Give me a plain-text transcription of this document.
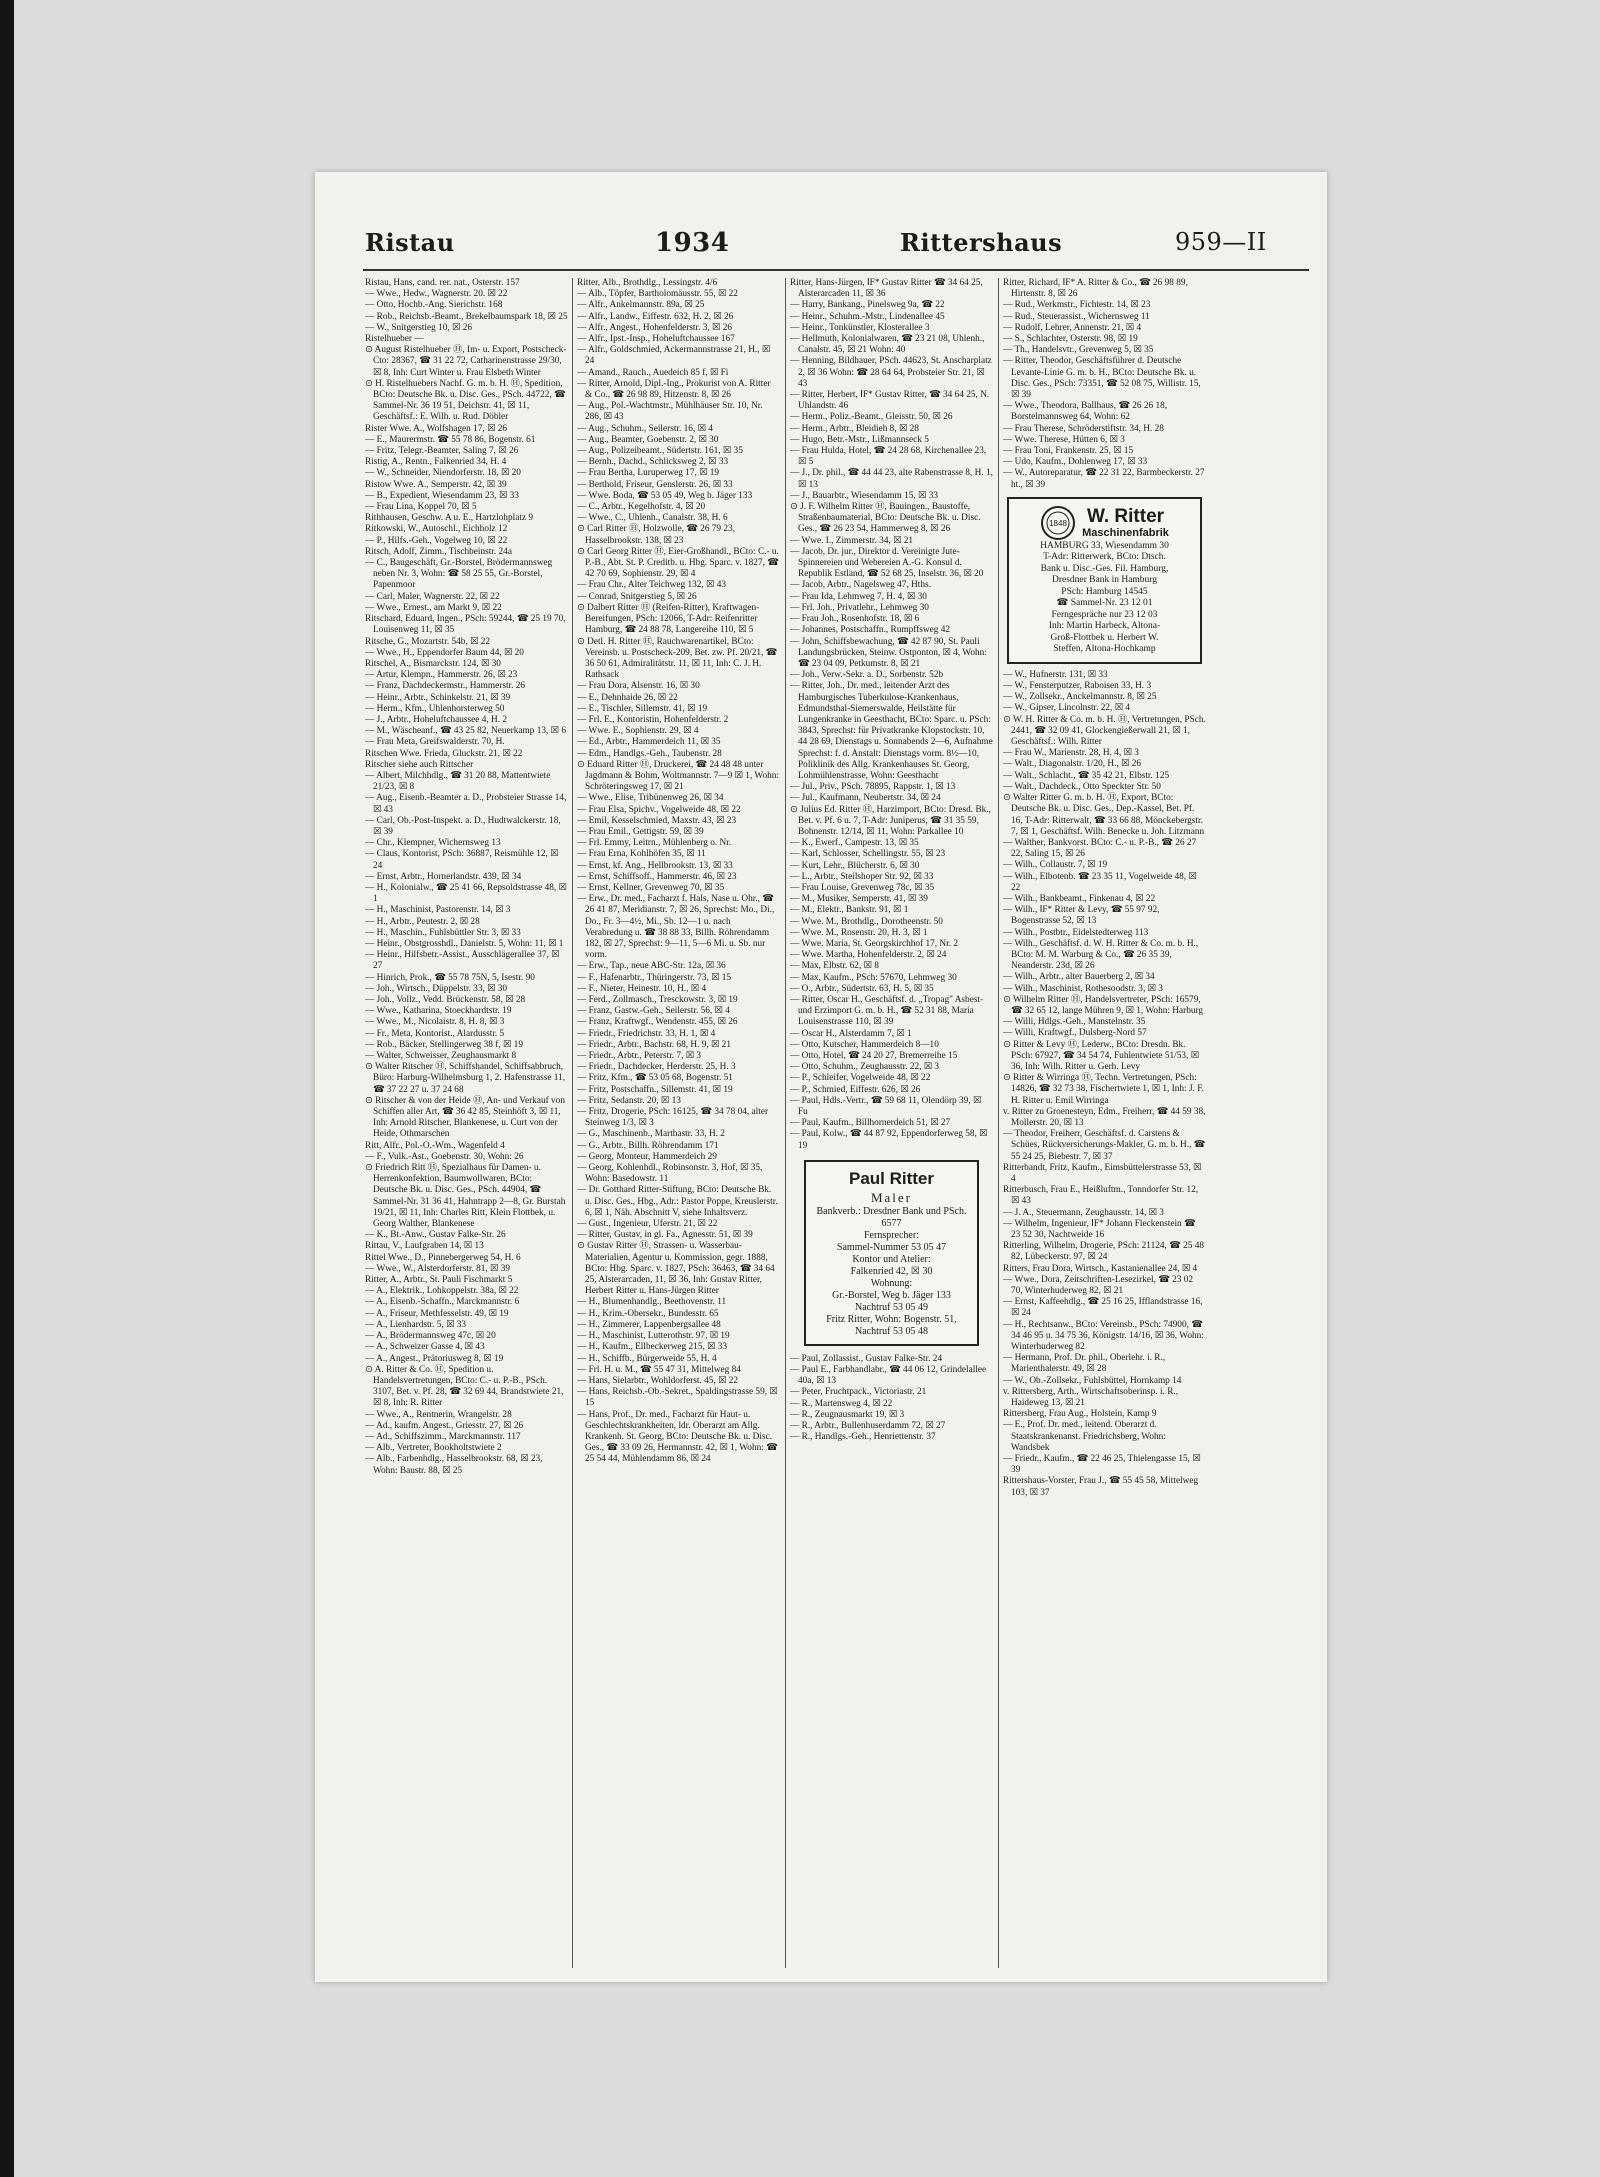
Ristau	1934	Rittershaus	959—II

Ristau, Hans, cand. rer. nat., Osterstr. 157

— Wwe., Hedw., Wagnerstr. 20. ☒ 22

— Otto, Hochb.-Ang. Sierichstr. 168

— Rob., Reichsb.-Beamt., Brekelbaumspark 18, ☒ 25

— W., Snitgerstieg 10, ☒ 26

Ristelhueber —

⊙ August Ristelhueber Ⓗ, Im- u. Export, Postscheck-Cto: 28367, ☎ 31 22 72, Catharinenstrasse 29/30, ☒ 8, Inh: Curt Winter u. Frau Elsbeth Winter

⊙ H. Ristelhuebers Nachf. G. m. b. H. Ⓗ, Spedition, BCto: Deutsche Bk. u. Disc. Ges., PSch. 44722, ☎ Sammel-Nr. 36 19 51, Deichstr. 41, ☒ 11, Geschäftsf.: E. Wilh. u. Rud. Döbler

Rister Wwe. A., Wolfshagen 17, ☒ 26

— E., Maurermstr. ☎ 55 78 86, Bogenstr. 61

— Fritz, Telegr.-Beamter, Saling 7, ☒ 26

Ristig, A., Rentn., Falkenried 34, H. 4

— W., Schneider, Niendorferstr. 18, ☒ 20

Ristow Wwe. A., Semperstr. 42, ☒ 39

— B., Expedient, Wiesendamm 23, ☒ 33

— Frau Lina, Koppel 70, ☒ 5

Rithhausen, Geschw. A u. E., Hartzlohplatz 9

Ritkowski, W., Autoschl., Eichholz 12

— P., Hilfs.-Geh., Vogelweg 10, ☒ 22

Ritsch, Adolf, Zimm., Tischbeinstr. 24a

— C., Baugeschäft, Gr.-Borstel, Brödermannsweg neben Nr. 3, Wohn: ☎ 58 25 55, Gr.-Borstel, Papenmoor

— Carl, Maler, Wagnerstr. 22, ☒ 22

— Wwe., Ernest., am Markt 9, ☒ 22

Ritschard, Eduard, Ingen., PSch: 59244, ☎ 25 19 70, Louisenweg 11, ☒ 35

Ritsche, G., Mozartstr. 54b, ☒ 22

— Wwe., H., Eppendorfer Baum 44, ☒ 20

Ritschel, A., Bismarckstr. 124, ☒ 30

— Artur, Klempn., Hammerstr. 26, ☒ 23

— Franz, Dachdeckermstr., Hammerstr. 26

— Heinr., Arbtr., Schinkelstr. 21, ☒ 39

— Herm., Kfm., Uhlenhorsterweg 50

— J., Arbtr., Hoheluftchaussee 4, H. 2

— M., Wäscheanf., ☎ 43 25 82, Neuerkamp 13, ☒ 6

— Frau Meta, Greifswalderstr. 70, H.

Ritschen Wwe. Frieda, Gluckstr. 21, ☒ 22

Ritscher siehe auch Rittscher

— Albert, Milchhdlg., ☎ 31 20 88, Mattentwiete 21/23, ☒ 8

— Aug., Eisenb.-Beamter a. D., Probsteier Strasse 14, ☒ 43

— Carl, Ob.-Post-Inspekt. a. D., Hudtwalckerstr. 18, ☒ 39

— Chr., Klempner, Wichernsweg 13

— Claus, Kontorist, PSch: 36887, Reismühle 12, ☒ 24

— Ernst, Arbtr., Hornerlandstr. 439, ☒ 34

— H., Kolonialw., ☎ 25 41 66, Repsoldstrasse 48, ☒ 1

— H., Maschinist, Pastorenstr. 14, ☒ 3

— H., Arbtr., Peutestr. 2, ☒ 28

— H., Maschin., Fuhlsbüttler Str. 3, ☒ 33

— Heinr., Obstgrosshdl., Danielstr. 5, Wohn: 11, ☒ 1

— Heinr., Hilfsbetr.-Assist., Ausschlägerallee 37, ☒ 27

— Hinrich, Prok., ☎ 55 78 75N, 5, Isestr. 90

— Joh., Wirtsch., Düppelstr. 33, ☒ 30

— Joh., Vollz., Vedd. Brückenstr. 58, ☒ 28

— Wwe., Katharina, Stoeckhardtstr. 19

— Wwe., M., Nicolaistr. 8, H. 8, ☒ 3

— Fr., Meta, Kontorist., Alardusstr. 5

— Rob., Bäcker, Stellingerweg 38 f, ☒ 19

— Walter, Schweisser, Zeughausmarkt 8

⊙ Walter Ritscher Ⓗ, Schiffshandel, Schiffsabbruch, Büro: Harburg-Wilhelmsburg 1, 2. Hafenstrasse 11, ☎ 37 22 27 u. 37 24 68

⊙ Ritscher & von der Heide Ⓗ, An- und Verkauf von Schiffen aller Art, ☎ 36 42 85, Steinhöft 3, ☒ 11, Inh: Arnold Ritscher, Blankenese, u. Curt von der Heide, Othmarschen

Ritt, Alfr., Pol.-O.-Wm., Wagenfeld 4

— F., Vulk.-Ast., Goebenstr. 30, Wohn: 26

⊙ Friedrich Ritt Ⓗ, Spezialhaus für Damen- u. Herrenkonfektion, Baumwollwaren, BCto: Deutsche Bk. u. Disc. Ges., PSch. 44904, ☎ Sammel-Nr. 31 36 41, Hahntrapp 2—8, Gr. Burstah 19/21, ☒ 11, Inh: Charles Ritt, Klein Flottbek, u. Georg Walther, Blankenese

— K., Bt.-Anw., Gustav Falke-Str. 26

Rittau, V., Laufgraben 14, ☒ 13

Rittel Wwe., D., Pinnebergerweg 54, H. 6

— Wwe., W., Alsterdorferstr. 81, ☒ 39

Ritter, A., Arbtr., St. Pauli Fischmarkt 5

— A., Elektrik., Lohkoppelstr. 38a, ☒ 22

— A., Eisenb.-Schaffn., Marckmannstr. 6

— A., Friseur, Methfesselstr. 49, ☒ 19

— A., Lienhardstr. 5, ☒ 33

— A., Brödermannsweg 47c, ☒ 20

— A., Schweizer Gasse 4, ☒ 43

— A., Angest., Prätoriusweg 8, ☒ 19

⊙ A. Ritter & Co. Ⓗ, Spedition u. Handelsvertretungen, BCto: C.- u. P.-B., PSch. 3107, Bet. v. Pf. 28, ☎ 32 69 44, Brandstwiete 21, ☒ 8, Inh: R. Ritter

— Wwe., A., Rentnerin, Wrangelstr. 28

— Ad., kaufm. Angest., Griesstr. 27, ☒ 26

— Ad., Schiffszimm., Marckmannstr. 117

— Alb., Vertreter, Bookholtstwiete 2

— Alb., Farbenhdlg., Hasselbrookstr. 68, ☒ 23, Wohn: Baustr. 88, ☒ 25

Ritter, Alb., Brothdlg., Lessingstr. 4/6

— Alb., Töpfer, Bartholomäusstr. 55, ☒ 22

— Alfr., Ankelmannstr. 89a, ☒ 25

— Alfr., Landw., Eiffestr. 632, H. 2, ☒ 26

— Alfr., Angest., Hohenfelderstr. 3, ☒ 26

— Alfr., Ipst.-Insp., Hoheluftchaussee 167

— Alfr., Goldschmied, Ackermannstrasse 21, H., ☒ 24

— Amand., Rauch., Auedeich 85 f, ☒ Fi

— Ritter, Arnold, Dipl.-Ing., Prokurist von A. Ritter & Co., ☎ 26 98 89, Hitzenstr. 8, ☒ 26

— Aug., Pol.-Wachtmstr., Mühlhäuser Str. 10, Nr. 286, ☒ 43

— Aug., Schuhm., Seilerstr. 16, ☒ 4

— Aug., Beamter, Goebenstr. 2, ☒ 30

— Aug., Polizeibeamt., Südertstr. 161, ☒ 35

— Bernh., Dachd., Schlicksweg 2, ☒ 33

— Frau Bertha, Luruperweg 17, ☒ 19

— Berthold, Friseur, Genslerstr. 26, ☒ 33

— Wwe. Boda, ☎ 53 05 49, Weg b. Jäger 133

— C., Arbtr., Kegelhofstr. 4, ☒ 20

— Wwe., C., Uhlenh., Canalstr. 38, H. 6

⊙ Carl Ritter Ⓗ, Holzwolle, ☎ 26 79 23, Hasselbrookstr. 138, ☒ 23

⊙ Carl Georg Ritter Ⓗ, Eier-Großhandl., BCto: C.- u. P.-B., Abt. St. P. Creditb. u. Hbg. Sparc. v. 1827, ☎ 42 70 69, Sophienstr. 29, ☒ 4

— Frau Chr., Alter Teichweg 132, ☒ 43

— Conrad, Snitgerstieg 5, ☒ 26

⊙ Dalbert Ritter Ⓗ (Reifen-Ritter), Kraftwagen-Bereifungen, PSch: 12066, T-Adr: Reifenritter Hamburg, ☎ 24 88 78, Langereihe 110, ☒ 5

⊙ Detl. H. Ritter Ⓗ, Rauchwarenartikel, BCto: Vereinsb. u. Postscheck-209, Bet. zw. Pf. 20/21, ☎ 36 50 61, Admiralitätstr. 11, ☒ 11, Inh: C. J. H. Rathsack

— Frau Dora, Alsenstr. 16, ☒ 30

— E., Dehnhaide 26, ☒ 22

— E., Tischler, Sillemstr. 41, ☒ 19

— Frl. E., Kontoristin, Hohenfelderstr. 2

— Wwe. E., Sophienstr. 29, ☒ 4

— Ed., Arbtr., Hammerdeich 11, ☒ 35

— Edm., Handlgs.-Geh., Taubenstr. 28

⊙ Eduard Ritter Ⓗ, Druckerei, ☎ 24 48 48 unter Jagdmann & Bohm, Woltmannstr. 7—9 ☒ 1, Wohn: Schröteringsweg 17, ☒ 21

— Wwe., Elise, Tribünenweg 26, ☒ 34

— Frau Elsa, Spichv., Vogelweide 48, ☒ 22

— Emil, Kesselschmied, Maxstr. 43, ☒ 23

— Frau Emil., Gettigstr. 59, ☒ 39

— Frl. Emmy, Leitrn., Mühlenberg o. Nr.

— Frau Erna, Kohlhöfen 35, ☒ 11

— Ernst, kf. Ang., Hellbrookstr. 13, ☒ 33

— Ernst, Schiffsoff., Hammerstr. 46, ☒ 23

— Ernst, Kellner, Grevenweg 70, ☒ 35

— Erw., Dr. med., Facharzt f. Hals, Nase u. Ohr., ☎ 26 41 87, Meridianstr. 7, ☒ 26, Sprechst: Mo., Di., Do., Fr. 3—4½, Mi., Sb. 12—1 u. nach Verabredung u. ☎ 38 88 33, Billh. Röhrendamm 182, ☒ 27, Sprechst: 9—11, 5—6 Mi. u. Sb. nur vorm.

— Erw., Tap., neue ABC-Str. 12a, ☒ 36

— F., Hafenarbtr., Thüringerstr. 73, ☒ 15

— F., Nieter, Heinestr. 10, H., ☒ 4

— Ferd., Zollmasch., Tresckowstr. 3, ☒ 19

— Franz, Gastw.-Geh., Seilerstr. 56, ☒ 4

— Franz, Kraftwgf., Wendenstr. 455, ☒ 26

— Friedr., Friedrichstr. 33, H. 1, ☒ 4

— Friedr., Arbtr., Bachstr. 68, H. 9, ☒ 21

— Friedr., Arbtr., Peterstr. 7, ☒ 3

— Friedr., Dachdecker, Herderstr. 25, H. 3

— Fritz, Kfm., ☎ 53 05 68, Bogenstr. 51

— Fritz, Postschaffn., Sillemstr. 41, ☒ 19

— Fritz, Sedanstr. 20, ☒ 13

— Fritz, Drogerie, PSch: 16125, ☎ 34 78 04, alter Steinweg 1/3, ☒ 3

— G., Maschinenb., Marthastr. 33, H. 2

— G., Arbtr., Billh. Röhrendamm 171

— Georg, Monteur, Hammerdeich 29

— Georg, Kohlenhdl., Robinsonstr. 3, Hof, ☒ 35, Wohn: Basedowstr. 11

— Dr. Gotthard Ritter-Stiftung, BCto: Deutsche Bk. u. Disc. Ges., Hbg., Adr.: Pastor Poppe, Kreuslerstr. 6, ☒ 1, Näh. Abschnitt V, siehe Inhaltsverz.

— Gust., Ingenieur, Uferstr. 21, ☒ 22

— Ritter, Gustav, in gl. Fa., Agnesstr. 51, ☒ 39

⊙ Gustav Ritter Ⓗ, Strassen- u. Wasserbau-Materialien, Agentur u. Kommission, gegr. 1888, BCto: Hbg. Sparc. v. 1827, PSch: 36463, ☎ 34 64 25, Alsterarcaden, 11, ☒ 36, Inh: Gustav Ritter, Herbert Ritter u. Hans-Jürgen Ritter

— H., Blumenhandlg., Beethovenstr. 11

— H., Krim.-Obersekr., Bundesstr. 65

— H., Zimmerer, Lappenbergsallee 48

— H., Maschinist, Lutterothstr. 97, ☒ 19

— H., Kaufm., Ellbeckerweg 215, ☒ 33

— H., Schiffb., Bürgerweide 55, H. 4

— Frl. H. u. M., ☎ 55 47 31, Mittelweg 84

— Hans, Sielarbtr., Wohldorferst. 45, ☒ 22

— Hans, Reichsb.-Ob.-Sekret., Spaldingstrasse 59, ☒ 15

— Hans, Prof., Dr. med., Facharzt für Haut- u. Geschlechtskrankheiten, ldr. Oberarzt am Allg. Krankenh. St. Georg, BCto: Deutsche Bk. u. Disc. Ges., ☎ 33 09 26, Hermannstr. 42, ☒ 1, Wohn: ☎ 25 54 44, Mühlendamm 86, ☒ 24

Ritter, Hans-Jürgen, ⅠF* Gustav Ritter ☎ 34 64 25, Alsterarcaden 11, ☒ 36

— Harry, Bankang., Pinelsweg 9a, ☎ 22

— Heinr., Schuhm.-Mstr., Lindenallee 45

— Heinr., Tonkünstler, Klosterallee 3

— Hellmuth, Kolonialwaren, ☎ 23 21 08, Uhlenh., Canalstr. 45, ☒ 21 Wohn: 40

— Henning, Bildhauer, PSch. 44623, St. Anscharplatz 2, ☒ 36 Wohn: ☎ 28 64 64, Probsteier Str. 21, ☒ 43

— Ritter, Herbert, ⅠF* Gustav Ritter, ☎ 34 64 25, N. Uhlandstr. 46

— Herm., Poliz.-Beamt., Gleisstr. 50, ☒ 26

— Herm., Arbtr., Bleidieh 8, ☒ 28

— Hugo, Betr.-Mstr., Lißmannseck 5

— Frau Hulda, Hotel, ☎ 24 28 68, Kirchenallee 23, ☒ 5

— J., Dr. phil., ☎ 44 44 23, alte Rabenstrasse 8, H. 1, ☒ 13

— J., Bauarbtr., Wiesendamm 15, ☒ 33

⊙ J. F. Wilhelm Ritter Ⓗ, Bauingen., Baustoffe, Straßenbaumaterial, BCto: Deutsche Bk. u. Disc. Ges., ☎ 26 23 54, Hammerweg 8, ☒ 26

— Wwe. I., Zimmerstr. 34, ☒ 21

— Jacob, Dr. jur., Direktor d. Vereinigte Jute-Spinnereien und Webereien A.-G. Konsul d. Republik Estland, ☎ 52 68 25, Inselstr. 36, ☒ 20

— Jacob, Arbtr., Nagelsweg 47, Hths.

— Frau Ida, Lehmweg 7, H. 4, ☒ 30

— Frl. Joh., Privatlehr., Lehmweg 30

— Frau Joh., Rosenhofstr. 18, ☒ 6

— Johannes, Postschaffn., Rumpffsweg 42

— John, Schiffsbewachung, ☎ 42 87 90, St. Pauli Landungsbrücken, Steinw. Ostponton, ☒ 4, Wohn: ☎ 23 04 09, Petkumstr. 8, ☒ 21

— Joh., Verw.-Sekr. a. D., Sorbenstr. 52b

— Ritter, Joh., Dr. med., leitender Arzt des Hamburgisches Tuberkulose-Krankenhaus, Edmundsthal-Siemerswalde, Heilstätte für Lungenkranke in Geesthacht, BCto: Sparc. u. PSch: 3843, Sprechst: für Privatkranke Klopstockstr. 10, 44 28 69, Dienstags u. Sonnabends 2—6, Aufnahme Sprechst: f. d. Anstalt: Dienstags vorm. 8½—10, Poliklinik des Allg. Krankenhauses St. Georg, Lohmühlenstrasse, Wohn: Geesthacht

— Jul., Priv., PSch. 78895, Rappstr. 1, ☒ 13

— Jul., Kaufmann, Neubertstr. 34, ☒ 24

⊙ Julius Ed. Ritter Ⓗ, Harzimport, BCto: Dresd. Bk., Bet. v. Pf. 6 u. 7, T-Adr: Juniperus, ☎ 31 35 59, Bohnenstr. 12/14, ☒ 11, Wohn: Parkallee 10

— K., Ewerf., Campestr. 13, ☒ 35

— Karl, Schlosser, Schellingstr. 55, ☒ 23

— Kurt, Lehr., Blücherstr. 6, ☒ 30

— L., Arbtr., Steilshoper Str. 92, ☒ 33

— Frau Louise, Grevenweg 78c, ☒ 35

— M., Musiker, Semperstr. 41, ☒ 39

— M., Elektr., Bankstr. 91, ☒ 1

— Wwe. M., Brothdlg., Dorotheenstr. 50

— Wwe. M., Rosenstr. 20, H. 3, ☒ 1

— Wwe. Maria, St. Georgskirchhof 17, Nr. 2

— Wwe. Martha, Hohenfelderstr. 2, ☒ 24

— Max, Elbstr. 62, ☒ 8

— Max, Kaufm., PSch: 57670, Lehmweg 30

— O., Arbtr., Südertstr. 63, H. 5, ☒ 35

— Ritter, Oscar H., Geschäftsf. d. „Tropag" Asbest- und Erzimport G. m. b. H., ☎ 52 31 88, Maria Louisenstrasse 110, ☒ 39

— Oscar H., Alsterdamm 7, ☒ 1

— Otto, Kutscher, Hammerdeich 8—10

— Otto, Hotel, ☎ 24 20 27, Bremerreihe 15

— Otto, Schuhm., Zeughausstr. 22, ☒ 3

— P., Schleifer, Vogelweide 48, ☒ 22

— P., Schmied, Eiffestr. 626, ☒ 26

— Paul, Hdls.-Vertr., ☎ 59 68 11, Olendörp 39, ☒ Fu

— Paul, Kaufm., Billhornerdeich 51, ☒ 27

— Paul, Kolw., ☎ 44 87 92, Eppendorferweg 58, ☒ 19

Paul Ritter
Maler
Bankverb.: Dresdner Bank und PSch. 6577
Fernsprecher:
Sammel-Nummer 53 05 47
Kontor und Atelier:
Falkenried 42, ☒ 30
Wohnung:
Gr.-Borstel, Weg b. Jäger 133
Nachtruf 53 05 49
Fritz Ritter, Wohn: Bogenstr. 51,
Nachtruf 53 05 48

— Paul, Zollassist., Gustav Falke-Str. 24

— Paul E., Farbhandlabr., ☎ 44 06 12, Grindelallee 40a, ☒ 13

— Peter, Fruchtpack., Victoriastr. 21

— R., Martensweg 4, ☒ 22

— R., Zeugnausmarkt 19, ☒ 3

— R., Arbtr., Bullenhuserdamm 72, ☒ 27

— R., Handlgs.-Geh., Henriettenstr. 37

Ritter, Richard, ⅠF* A. Ritter & Co., ☎ 26 98 89, Hirtenstr. 8, ☒ 26

— Rud., Werkmstr., Fichtestr. 14, ☒ 23

— Rud., Steuerassist., Wichernsweg 11

— Rudolf, Lehrer, Annenstr. 21, ☒ 4

— S., Schlachter, Osterstr. 98, ☒ 19

— Th., Handelsvtr., Grevenweg 5, ☒ 35

— Ritter, Theodor, Geschäftsführer d. Deutsche Levante-Linie G. m. b. H., BCto: Deutsche Bk. u. Disc. Ges., PSch: 73351, ☎ 52 08 75, Willistr. 15, ☒ 39

— Wwe., Theodora, Ballhaus, ☎ 26 26 18, Borstelmannsweg 64, Wohn: 62

— Frau Therese, Schröderstiftstr. 34, H. 28

— Wwe. Therese, Hütten 6, ☒ 3

— Frau Toni, Frankenstr. 25, ☒ 15

— Udo, Kaufm., Dohlenweg 17, ☒ 33

— W., Autoreparatur, ☎ 22 31 22, Barmbeckerstr. 27 ht., ☒ 39

1848 W. Ritter
Maschinenfabrik
HAMBURG 33, Wiesendamm 30
T-Adr: Ritterwerk, BCto: Dtsch.
Bank u. Disc.-Ges. Fil. Hamburg,
Dresdner Bank in Hamburg
PSch: Hamburg 14545
☎ Sammel-Nr. 23 12 01
Ferngespräche nur 23 12 03
Inh: Martin Harbeck, Altona-
Groß-Flottbek u. Herbert W.
Steffen, Altona-Hochkamp

— W., Hufnerstr. 131, ☒ 33

— W., Fensterputzer, Raboisen 33, H. 3

— W., Zollsekr., Anckelmannstr. 8, ☒ 25

— W., Gipser, Lincolnstr. 22, ☒ 4

⊙ W. H. Ritter & Co. m. b. H. Ⓗ, Vertretungen, PSch. 2441, ☎ 32 09 41, Glockengießerwall 21, ☒ 1, Geschäftsf.: Wilh. Ritter

— Frau W., Marienstr. 28, H. 4, ☒ 3

— Walt., Diagonalstr. 1/20, H., ☒ 26

— Walt., Schlacht., ☎ 35 42 21, Elbstr. 125

— Walt., Dachdeck., Otto Speckter Str. 50

⊙ Walter Ritter G. m. b. H. Ⓗ, Export, BCto: Deutsche Bk. u. Disc. Ges., Dep.-Kassel, Bet. Pf. 16, T-Adr: Ritterwalt, ☎ 33 66 88, Mönckebergstr. 7, ☒ 1, Geschäftsf. Wilh. Benecke u. Joh. Litzmann

— Walther, Bankvorst. BCto: C.- u. P.-B., ☎ 26 27 22, Saling 15, ☒ 26

— Wilh., Collaustr. 7, ☒ 19

— Wilh., Elbotenb. ☎ 23 35 11, Vogelweide 48, ☒ 22

— Wilh., Bankbeamt., Finkenau 4, ☒ 22

— Wilh., ⅠF* Ritter & Levy, ☎ 55 97 92, Bogenstrasse 52, ☒ 13

— Wilh., Postbtr., Eidelstedterweg 113

— Wilh., Geschäftsf. d. W. H. Ritter & Co. m. b. H., BCto: M. M. Warburg & Co., ☎ 26 35 39, Neanderstr. 23d, ☒ 26

— Wilh., Arbtr., alter Bauerberg 2, ☒ 34

— Wilh., Maschinist, Rothesoodstr. 3, ☒ 3

⊙ Wilhelm Ritter Ⓗ, Handelsvertreter, PSch: 16579, ☎ 32 65 12, lange Mühren 9, ☒ 1, Wohn: Harburg

— Willi, Hdlgs.-Geh., Manstelnstr. 35

— Willi, Kraftwgf., Dulsberg-Nord 57

⊙ Ritter & Levy Ⓗ, Lederw., BCto: Dresdn. Bk. PSch: 67927, ☎ 34 54 74, Fuhlentwiete 51/53, ☒ 36, Inh: Wilh. Ritter u. Gerh. Levy

⊙ Ritter & Wirringa Ⓗ, Techn. Vertretungen, PSch: 14826, ☎ 32 73 38, Fischertwiete 1, ☒ 1, Inh: J. F. H. Ritter u. Emil Wirringa

v. Ritter zu Groenesteyn, Edm., Freiherr, ☎ 44 59 38, Mollerstr. 20, ☒ 13

— Theodor, Freiherr, Geschäftsf. d. Carstens & Schües, Rückversicherungs-Makler, G. m. b. H., ☎ 55 24 25, Biebestr. 7, ☒ 37

Ritterbandt, Fritz, Kaufm., Eimsbüttelerstrasse 53, ☒ 4

Ritterbusch, Frau E., Heißluftm., Tonndorfer Str. 12, ☒ 43

— J. A., Steuermann, Zeughausstr. 14, ☒ 3

— Wilhelm, Ingenieur, ⅠF* Johann Fleckenstein ☎ 23 52 30, Nachtweide 16

Ritterling, Wilhelm, Drogerie, PSch: 21124, ☎ 25 48 82, Lübeckerstr. 97, ☒ 24

Ritters, Frau Dora, Wirtsch., Kastanienallee 24, ☒ 4

— Wwe., Dora, Zeitschriften-Lesezirkel, ☎ 23 02 70, Winterhuderweg 82, ☒ 21

— Ernst, Kaffeehdlg., ☎ 25 16 25, Ifflandstrasse 16, ☒ 24

— H., Rechtsanw., BCto: Vereinsb., PSch: 74900, ☎ 34 46 95 u. 34 75 36, Königstr. 14/16, ☒ 36, Wohn: Winterhuderweg 82

— Hermann, Prof. Dr. phil., Oberlehr. i. R., Marienthalerstr. 49, ☒ 28

— W., Ob.-Zollsekr., Fuhlsbüttel, Hornkamp 14

v. Rittersberg, Arth., Wirtschaftsoberinsp. i. R., Haideweg 13, ☒ 21

Rittersberg, Frau Aug., Holstein, Kamp 9

— E., Prof. Dr. med., leitend. Oberarzt d. Staatskrankenanst. Friedrichsberg, Wohn: Wandsbek

— Friedr., Kaufm., ☎ 22 46 25, Thielengasse 15, ☒ 39

Rittershaus-Vorster, Frau J., ☎ 55 45 58, Mittelweg 103, ☒ 37
